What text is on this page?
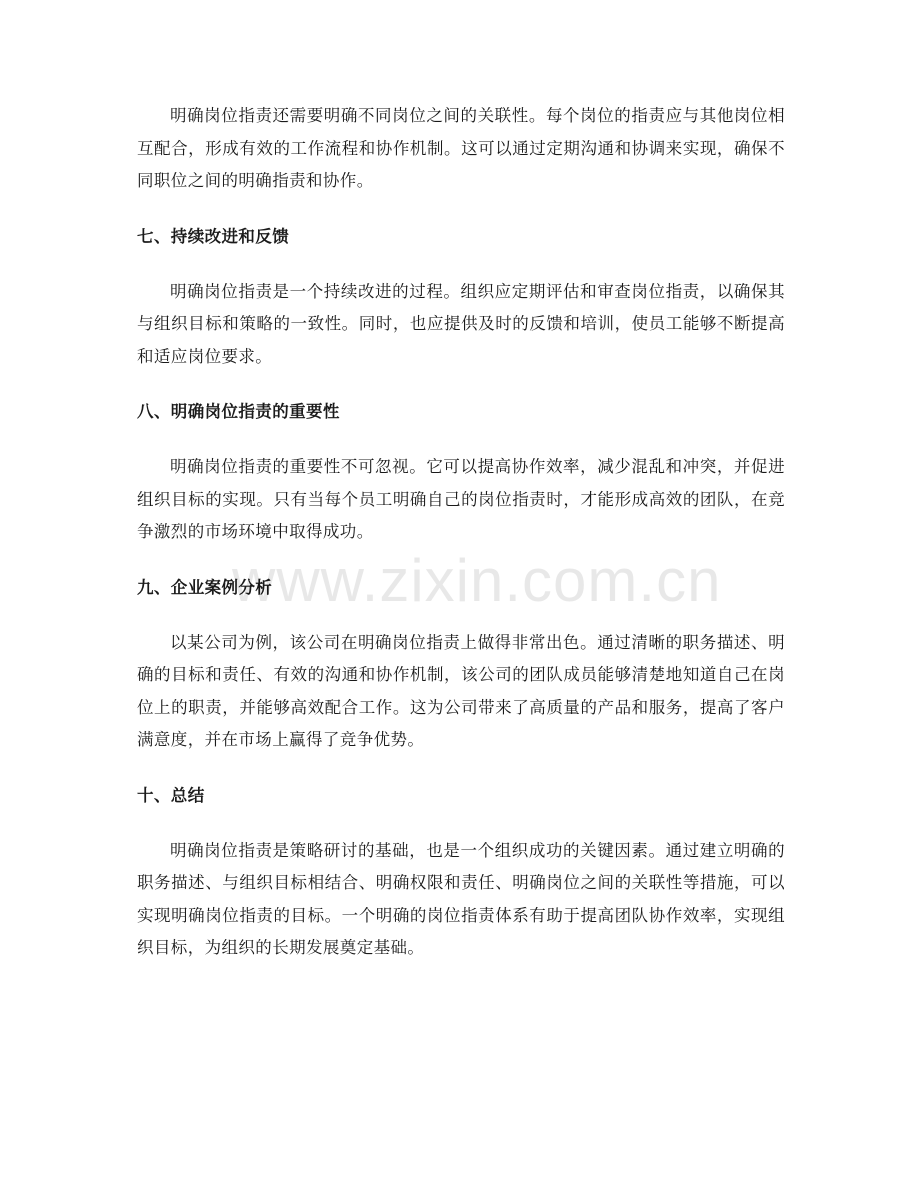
明确岗位指责还需要明确不同岗位之间的关联性。每个岗位的指责应与其他岗位相互配合，形成有效的工作流程和协作机制。这可以通过定期沟通和协调来实现，确保不同职位之间的明确指责和协作。

七、持续改进和反馈

明确岗位指责是一个持续改进的过程。组织应定期评估和审查岗位指责，以确保其与组织目标和策略的一致性。同时，也应提供及时的反馈和培训，使员工能够不断提高和适应岗位要求。

八、明确岗位指责的重要性

明确岗位指责的重要性不可忽视。它可以提高协作效率，减少混乱和冲突，并促进组织目标的实现。只有当每个员工明确自己的岗位指责时，才能形成高效的团队，在竞争激烈的市场环境中取得成功。

九、企业案例分析

以某公司为例，该公司在明确岗位指责上做得非常出色。通过清晰的职务描述、明确的目标和责任、有效的沟通和协作机制，该公司的团队成员能够清楚地知道自己在岗位上的职责，并能够高效配合工作。这为公司带来了高质量的产品和服务，提高了客户满意度，并在市场上赢得了竞争优势。

十、总结

明确岗位指责是策略研讨的基础，也是一个组织成功的关键因素。通过建立明确的职务描述、与组织目标相结合、明确权限和责任、明确岗位之间的关联性等措施，可以实现明确岗位指责的目标。一个明确的岗位指责体系有助于提高团队协作效率，实现组织目标，为组织的长期发展奠定基础。

www.zixin.com.cn
